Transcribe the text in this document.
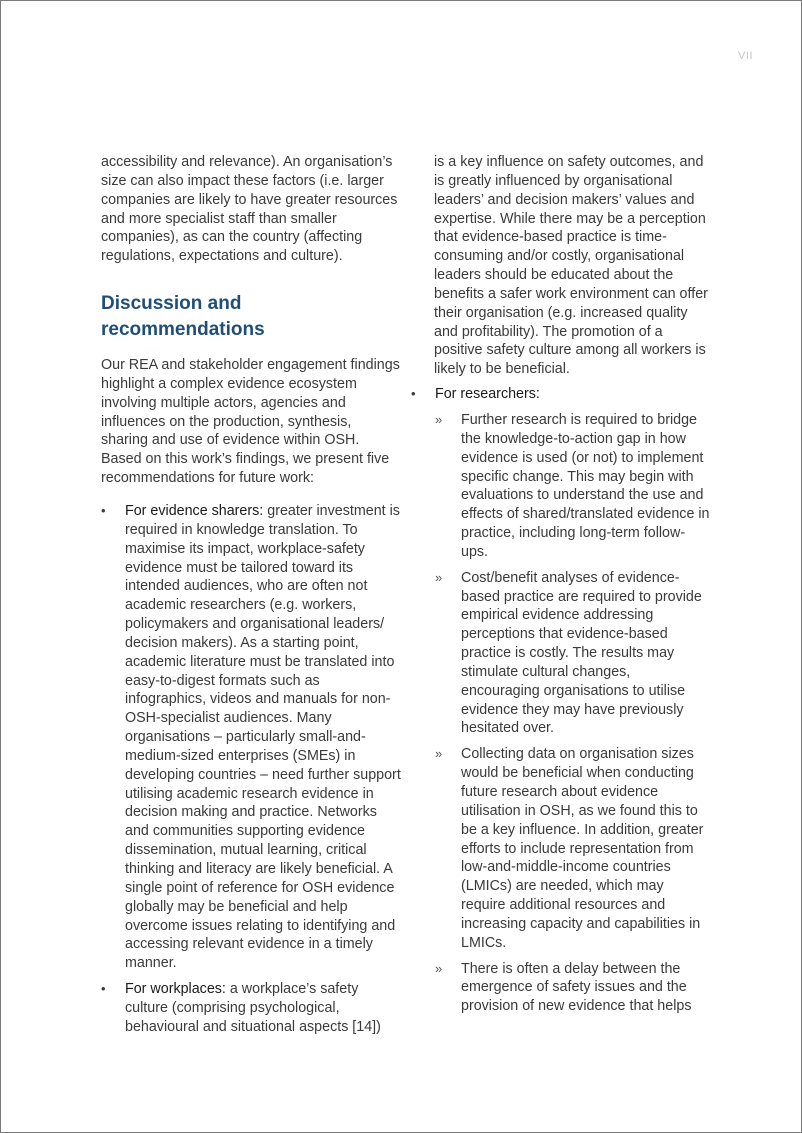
VII

accessibility and relevance). An organisation’s size can also impact these factors (i.e. larger companies are likely to have greater resources and more specialist staff than smaller companies), as can the country (affecting regulations, expectations and culture).

Discussion and recommendations

Our REA and stakeholder engagement findings highlight a complex evidence ecosystem involving multiple actors, agencies and influences on the production, synthesis, sharing and use of evidence within OSH. Based on this work’s findings, we present five recommendations for future work:

•	For evidence sharers: greater investment is required in knowledge translation. To maximise its impact, workplace-safety evidence must be tailored toward its intended audiences, who are often not academic researchers (e.g. workers, policymakers and organisational leaders/ decision makers). As a starting point, academic literature must be translated into easy-to-digest formats such as infographics, videos and manuals for non-OSH-specialist audiences. Many organisations – particularly small-and-medium-sized enterprises (SMEs) in developing countries – need further support utilising academic research evidence in decision making and practice. Networks and communities supporting evidence dissemination, mutual learning, critical thinking and literacy are likely beneficial. A single point of reference for OSH evidence globally may be beneficial and help overcome issues relating to identifying and accessing relevant evidence in a timely manner.
•	For workplaces: a workplace’s safety culture (comprising psychological, behavioural and situational aspects [14])

is a key influence on safety outcomes, and is greatly influenced by organisational leaders’ and decision makers’ values and expertise. While there may be a perception that evidence-based practice is time-consuming and/or costly, organisational leaders should be educated about the benefits a safer work environment can offer their organisation (e.g. increased quality and profitability). The promotion of a positive safety culture among all workers is likely to be beneficial.

•	For researchers:
» Further research is required to bridge the knowledge-to-action gap in how evidence is used (or not) to implement specific change. This may begin with evaluations to understand the use and effects of shared/translated evidence in practice, including long-term follow-ups.
» Cost/benefit analyses of evidence-based practice are required to provide empirical evidence addressing perceptions that evidence-based practice is costly. The results may stimulate cultural changes, encouraging organisations to utilise evidence they may have previously hesitated over.
» Collecting data on organisation sizes would be beneficial when conducting future research about evidence utilisation in OSH, as we found this to be a key influence. In addition, greater efforts to include representation from low-and-middle-income countries (LMICs) are needed, which may require additional resources and increasing capacity and capabilities in LMICs.
» There is often a delay between the emergence of safety issues and the provision of new evidence that helps
